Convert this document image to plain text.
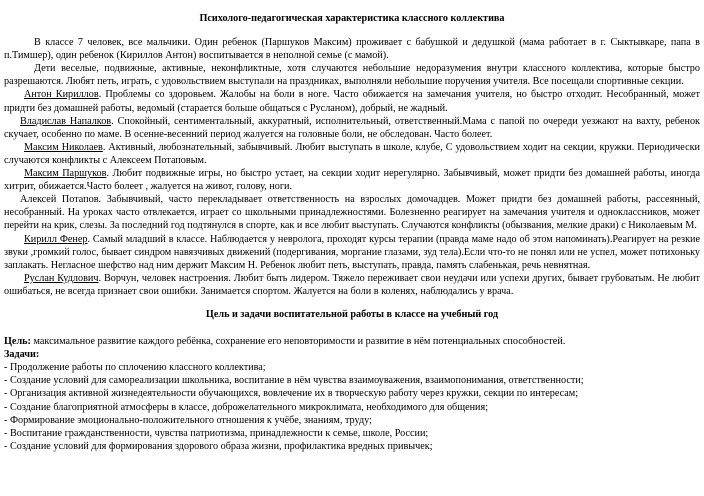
Психолого-педагогическая характеристика классного коллектива

В классе 7 человек, все мальчики. Один ребенок (Паршуков Максим) проживает с бабушкой и дедушкой (мама работает в г. Сыктывкаре, папа в п.Тимшер), один ребенок (Кириллов Антон) воспитывается в неполной семье (с мамой).

Дети веселые, подвижные, активные, неконфликтные, хотя случаются небольшие недоразумения внутри классного коллектива, которые быстро разрешаются. Любят петь, играть, с удовольствием выступали на праздниках, выполняли небольшие поручения учителя. Все посещали спортивные секции.

Антон Кириллов. Проблемы со здоровьем. Жалобы на боли в ноге. Часто обижается на замечания учителя, но быстро отходит. Несобранный, может придти без домашней работы, ведомый (старается больше общаться с Русланом), добрый, не жадный.

Владислав Напалков. Спокойный, сентиментальный, аккуратный, исполнительный, ответственный.Мама с папой по очереди уезжают на вахту, ребенок скучает, особенно по маме. В осенне-весенний период жалуется на головные боли, не обследован. Часто болеет.

Максим Николаев. Активный, любознательный, забывчивый. Любит выступать в школе, клубе, С удовольствием ходит на секции, кружки. Периодически случаются конфликты с Алексеем Потаповым.

Максим Паршуков. Любит подвижные игры, но быстро устает, на секции ходит нерегулярно. Забывчивый, может придти без домашней работы, иногда хитрит, обижается.Часто болеет , жалуется на живот, голову, ноги.

Алексей Потапов. Забывчивый, часто перекладывает ответственность на взрослых домочадцев. Может придти без домашней работы, рассеянный, несобранный. На уроках часто отвлекается, играет со школьными принадлежностями. Болезненно реагирует на замечания учителя и одноклассников, может перейти на крик, слезы. За последний год подтянулся в спорте, как и все любит выступать. Случаются конфликты (обызвания, мелкие драки) с Николаевым М.

Кирилл Фенер. Самый младший в классе. Наблюдается у невролога, проходят курсы терапии (правда маме надо об этом напоминать).Реагирует на резкие звуки ,громкий голос, бывает синдром навязчивых движений (подергивания, моргание глазами, зуд тела).Если что-то не понял или не успел, может потихоньку заплакать. Негласное шефство над ним держит Максим Н. Ребенок любит петь, выступать, правда, память слабенькая, речь невнятная.

Руслан Кудлович. Ворчун, человек настроения. Любит быть лидером. Тяжело переживает свои неудачи или успехи других, бывает грубоватым. Не любит ошибаться, не всегда признает свои ошибки. Занимается спортом. Жалуется на боли в коленях, наблюдались у врача.

Цель и задачи воспитательной работы в классе на учебный год

Цель: максимальное развитие каждого ребёнка, сохранение его неповторимости и развитие в нём потенциальных способностей.

Задачи:

- Продолжение работы по сплочению классного коллектива;
- Создание условий для самореализации школьника, воспитание в нём чувства взаимоуважения, взаимопонимания, ответственности;
- Организация активной жизнедеятельности обучающихся, вовлечение их в творческую работу через кружки, секции по интересам;
- Создание благоприятной атмосферы в классе, доброжелательного микроклимата, необходимого для общения;
- Формирование эмоционально-положительного отношения к учёбе, знаниям, труду;
- Воспитание гражданственности, чувства патриотизма, принадлежности к семье, школе, России;
- Создание условий для формирования здорового образа жизни, профилактика вредных привычек;
